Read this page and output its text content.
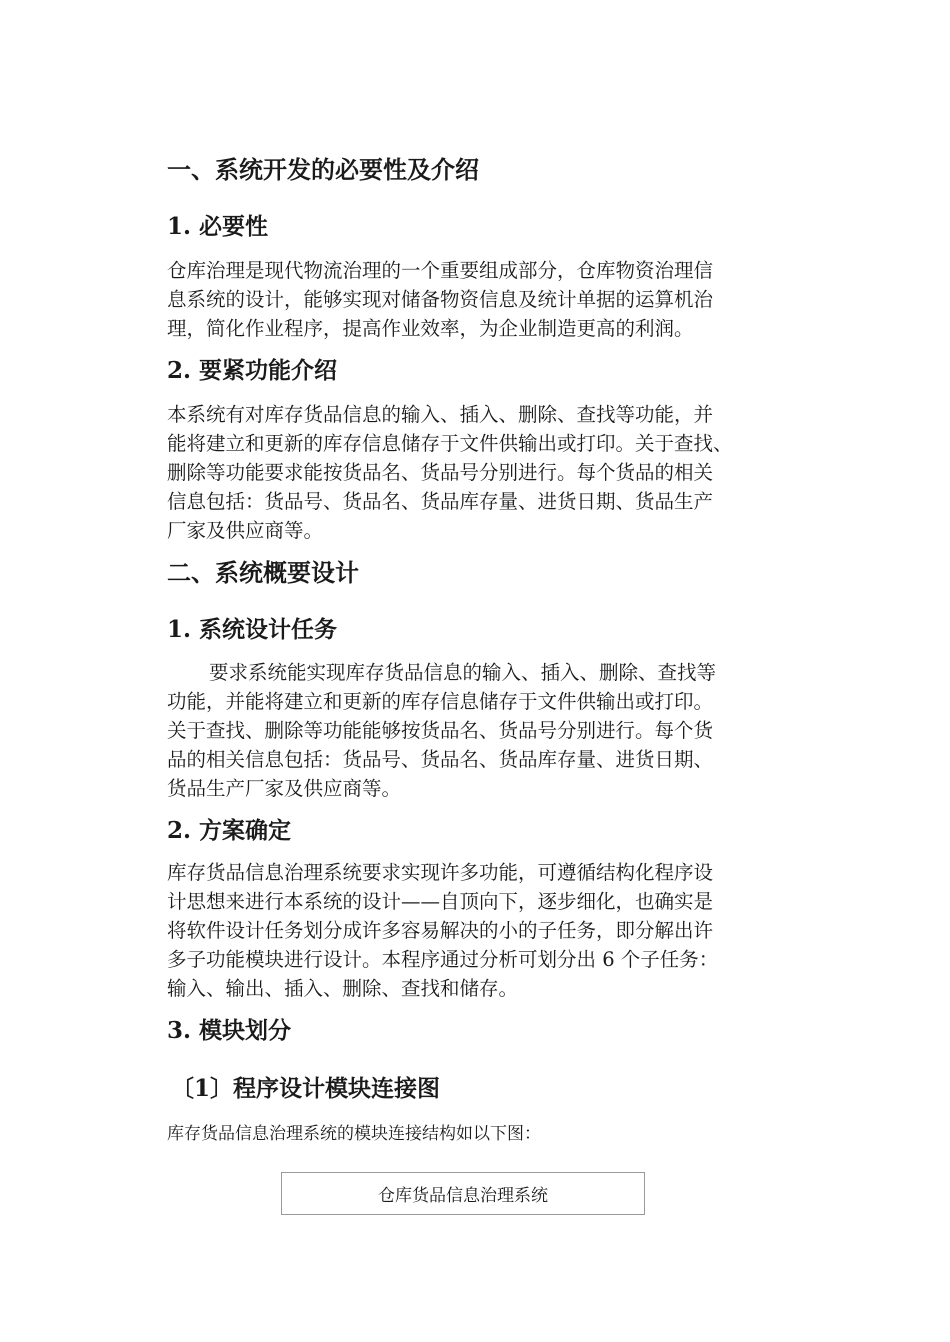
一、系统开发的必要性及介绍
1. 必要性

仓库治理是现代物流治理的一个重要组成部分，仓库物资治理信
息系统的设计，能够实现对储备物资信息及统计单据的运算机治
理，简化作业程序，提高作业效率，为企业制造更高的利润。

2. 要紧功能介绍

本系统有对库存货品信息的输入、插入、删除、查找等功能，并
能将建立和更新的库存信息储存于文件供输出或打印。关于查找、
删除等功能要求能按货品名、货品号分别进行。每个货品的相关
信息包括：货品号、货品名、货品库存量、进货日期、货品生产
厂家及供应商等。

二、系统概要设计
1. 系统设计任务

要求系统能实现库存货品信息的输入、插入、删除、查找等
功能，并能将建立和更新的库存信息储存于文件供输出或打印。
关于查找、删除等功能能够按货品名、货品号分别进行。每个货
品的相关信息包括：货品号、货品名、货品库存量、进货日期、
货品生产厂家及供应商等。

2. 方案确定

库存货品信息治理系统要求实现许多功能，可遵循结构化程序设
计思想来进行本系统的设计——自顶向下，逐步细化，也确实是
将软件设计任务划分成许多容易解决的小的子任务，即分解出许
多子功能模块进行设计。本程序通过分析可划分出 6 个子任务：
输入、输出、插入、删除、查找和储存。

3. 模块划分
〔1〕程序设计模块连接图

库存货品信息治理系统的模块连接结构如以下图：

仓库货品信息治理系统
